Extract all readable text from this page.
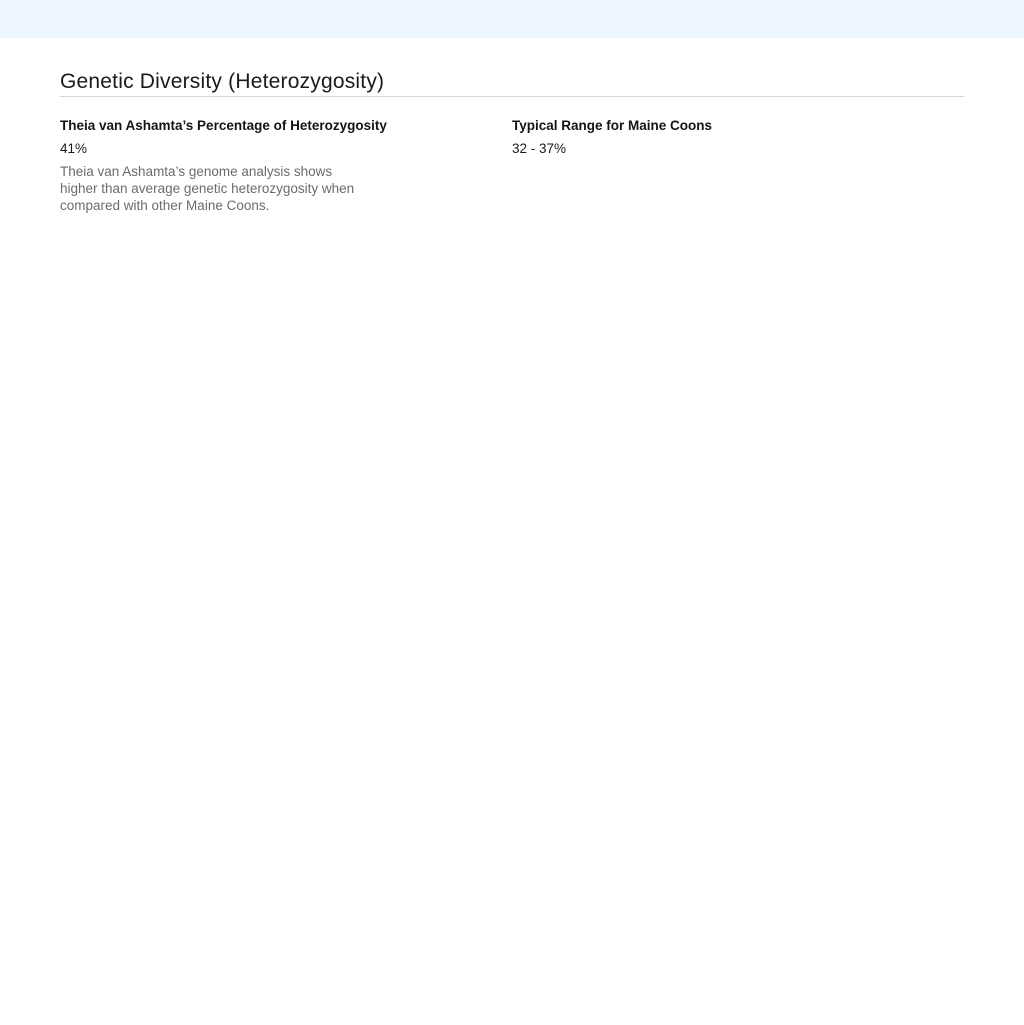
Genetic Diversity (Heterozygosity)
Theia van Ashamta’s Percentage of Heterozygosity
41%
Theia van Ashamta’s genome analysis shows higher than average genetic heterozygosity when compared with other Maine Coons.
Typical Range for Maine Coons
32 - 37%
